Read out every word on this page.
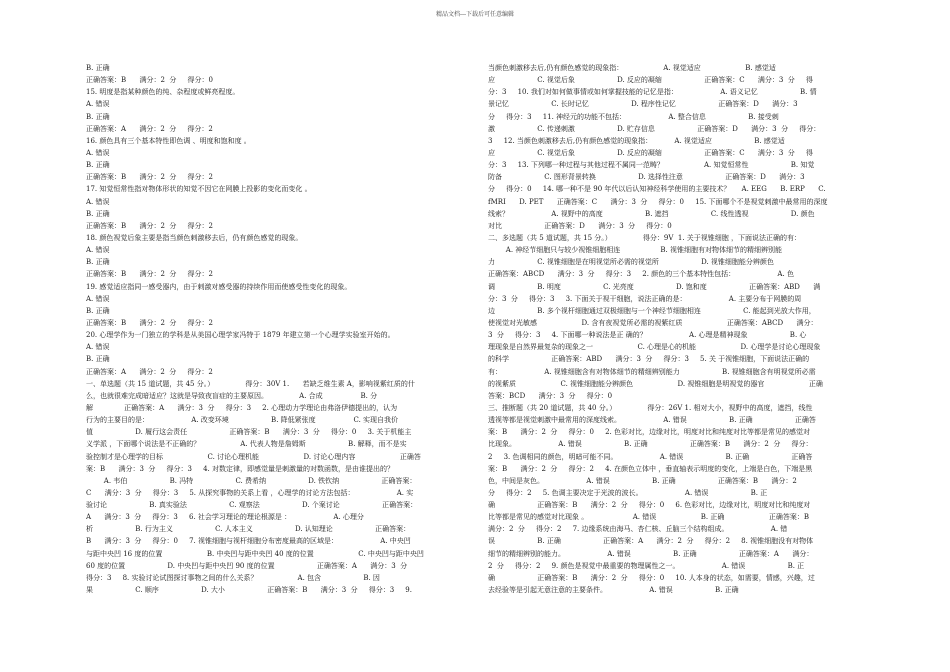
精品文档---下载后可任意编辑
B. 正确
正确答案：B      满分：2  分     得分：0
15. 明度是指某种颜色的纯、杂程度或鲜亮程度。
A. 错误
B. 正确
正确答案：A      满分：2  分     得分：2
16. 颜色具有三个基本特性即色调 、明度和饱和度 。
A. 错误
B. 正确
正确答案：B      满分：2  分     得分：2
17. 知觉恒常性指对物体形状的知觉不因它在网膜上投影的变化而变化 。
A. 错误
B. 正确
正确答案：B      满分：2  分     得分：2
18. 颜色视觉后象主要是指当颜色刺激移去后，仍有颜色感觉的现象。
A. 错误
B. 正确
正确答案：B      满分：2  分     得分：2
19. 感觉适应指同一感受器内，由于刺激对感受器的持续作用而使感受性变化的现象。
A. 错误
B. 正确
正确答案：B      满分：2  分     得分：2
20. 心理学作为一门独立的学科是从美国心理学家冯特于 1879 年建立第一个心理学实验室开始的。
A. 错误
B. 正确
正确答案：A      满分：2  分     得分：2
一、单选题（共 15 道试题，共 45 分。）              得分：30V 1.      若缺乏维生素 A，影响视紫红质的什
么，也就很难完成暗适应？这就是导致夜盲症的主要原因。              A. 合成                 B. 分
解              正确答案：A      满分：3  分     得分：3     2. 心理动力学理论由弗洛伊德提出的，认为
行为的主要目的是：                   A. 改变环境                   B. 降低紧张度                 C. 实现自我价
值                   D. 履行这会责任                   正确答案：B      满分：3  分     得分：0     3. 关于机能主
义学派 ，下面哪个说法是不正确的？                  A. 代表人物是詹姆斯                   B. 解释，而不是实
验控制才是心理学的目标                    C. 讨论心理机能                    D. 讨论心理内容                    正确答
案：B      满分：3  分     得分：3     4. 对数定律，即感觉量是刺激量的对数函数，是由谁提出的？
A. 韦伯                   B. 冯特                   C. 费希纳                   D. 铁钦纳                   正确答案：
C      满分：3  分     得分：3     5. 从探究事物的关系上看 ，心理学的讨论方法包括：                   A. 实
验讨论                   B. 真实验法                   C. 观察法                   D. 个案讨论                   正确答案：
A      满分：3  分     得分：3     6. 社会学习理论的理论根源是 ：                   A. 心理分
析                   B. 行为主义                   C. 人本主义                   D. 认知理论                   正确答案：
B      满分：3  分     得分：0     7. 视锥细胞与视杆细胞分布密度最高的区域是：                   A. 中央凹
与距中央凹 16 度的位置                    B. 中央凹与距中央凹 40 度的位置                    C. 中央凹与距中央凹
60 度的位置                   D. 中央凹与距中央凹 90 度的位置                   正确答案：A      满分：3  分
得分：3     8. 实验讨论试图探讨事物之间的什么关系？                  A. 包含                   B. 因
果                   C. 顺序                   D. 大小                   正确答案：B      满分：3  分     得分：3     9.
当颜色刺激移去后,仍有颜色感觉的现象指：                  A. 视觉适应                    B. 感觉适
应                   C. 视觉后象                   D. 反应的凝缩                   正确答案：C      满分：3  分     得
分：3     10. 我们对如何做事情或如何掌握技能的记忆是指：                   A. 语义记忆                   B. 情
景记忆                   C. 长时记忆                   D. 程序性记忆                   正确答案：D      满分：3
分     得分：3     11. 神经元的功能不包括：                   A. 整合信息                   B. 接受刺
激                   C. 传递刺激                   D. 贮存信息                   正确答案：D      满分：3  分     得分：
3     12. 当颜色刺激移去后,仍有颜色感觉的现象指：          A. 视觉适应                   B. 感觉适
应                   C. 视觉后象                   D. 反应的凝缩                   正确答案：C      满分：3  分     得
分：3     13. 下列哪一种过程与其他过程不属同一范畴？                  A. 知觉恒常性                   B. 知觉
防备                   C. 图形背景转换                   D. 选择性注意                   正确答案：D      满分：3
分     得分：0     14. 哪一种不是 90 年代以后认知神经科学使用的主要技术？     A. EEG      B. ERP      C.
fMRI      D. PET      正确答案：C      满分：3  分     得分：0     15. 下面哪个不是视觉刺激中最常用的深度
线索？                   A. 视野中的高度                   B. 遮挡                   C. 线性透视                   D. 颜色
对比                   正确答案：D      满分：3  分     得分：0
二、多选题（共 5 道试题，共 15 分。）              得分：9V  1. 关于视锥细胞 ，下面说法正确的有：
A. 神经节细胞只与较少视锥细胞相连                  B. 视锥细胞有对物体细节的精细辨别能
力                   C. 视锥细胞是在明视觉所必需的视觉所                   D. 视锥细胞能分辨颜色
正确答案：ABCD      满分：3  分     得分：3     2. 颜色的三个基本特性包括：                   A. 色
调                   B. 明度                   C. 光亮度                   D. 饱和度                   正确答案：ABD      满
分：3  分     得分：3     3. 下面关于视干细胞，说法正确的是：                   A. 主要分布于网膜的周
边                   B. 多个视杆细胞通过双极细胞与一个神经节细胞相连                   C. 能起到光放大作用，
使视觉对光敏感                    D. 含有夜视觉所必需的视紫红质                    正确答案：ABCD      满分：
3  分     得分：3     4. 下面哪一种说法是正 确的？                   A. 心理是精神现象                   B. 心
理现象是自然界最复杂的现象之一                    C. 心理是心的机能                    D. 心理学是讨论心理现象
的科学                   正确答案：ABD      满分：3  分     得分：3     5. 关 于视锥细胞，下面说法正确的
有：                   A. 视锥细胞含有对物体细节的精细辨别能力                   B. 视锥细胞含有明视觉所必需
的视紫质                    C. 视锥细胞能分辨颜色                    D. 视锥细胞是明视觉的器官                    正确
答案：BCD      满分：3  分     得分：0
三、推断题（共 20 道试题，共 40 分。）              得分：26V 1. 相对大小，视野中的高度，遮挡，线性
透视等都是视觉刺激中最常用的深度线索。                   A. 错误                   B. 正确                   正确答
案：B      满分：2  分     得分：0     2. 色彩对比，边缘对比，明度对比和纯度对比等都是常见的感觉对
比现象。                   A. 错误                   B. 正确                   正确答案：B      满分：2  分     得分：
2     3. 色调相同的颜色，明暗可能不同。                   A. 错误                   B. 正确                   正确答
案：B      满分：2  分     得分：2     4. 在颜色立体中 ，垂直轴表示明度的变化，上端是白色，下端是黑
色，中间是灰色。                   A. 错误                   B. 正确                   正确答案：B      满分：2
分     得分：2     5. 色调主要决定于光波的波长。                   A. 错误                   B. 正
确                   正确答案：B      满分：2  分     得分：0     6. 色彩对比，边缘对比，明度对比和纯度对
比等都是常见的感觉对比现象 。                    A. 错误                    B. 正确                    正确答案：B
满分：2  分     得分：2     7. 边缘系统由海马、杏仁核、丘脑三个结构组成。                   A. 错
误                   B. 正确                   正确答案：A      满分：2  分     得分：2     8. 视锥细胞没有对物体
细节的精细辨别的能力。                   A. 错误                   B. 正确                   正确答案：A      满分：
2  分     得分：2     9. 颜色是视觉中最重要的物理属性之一。                   A. 错误                   B. 正
确                   正确答案：B      满分：2  分     得分：0     10. 人本身的状态，如需要，情感，兴趣，过
去经验等是引起无意注意的主要条件。                   A. 错误                   B. 正确
